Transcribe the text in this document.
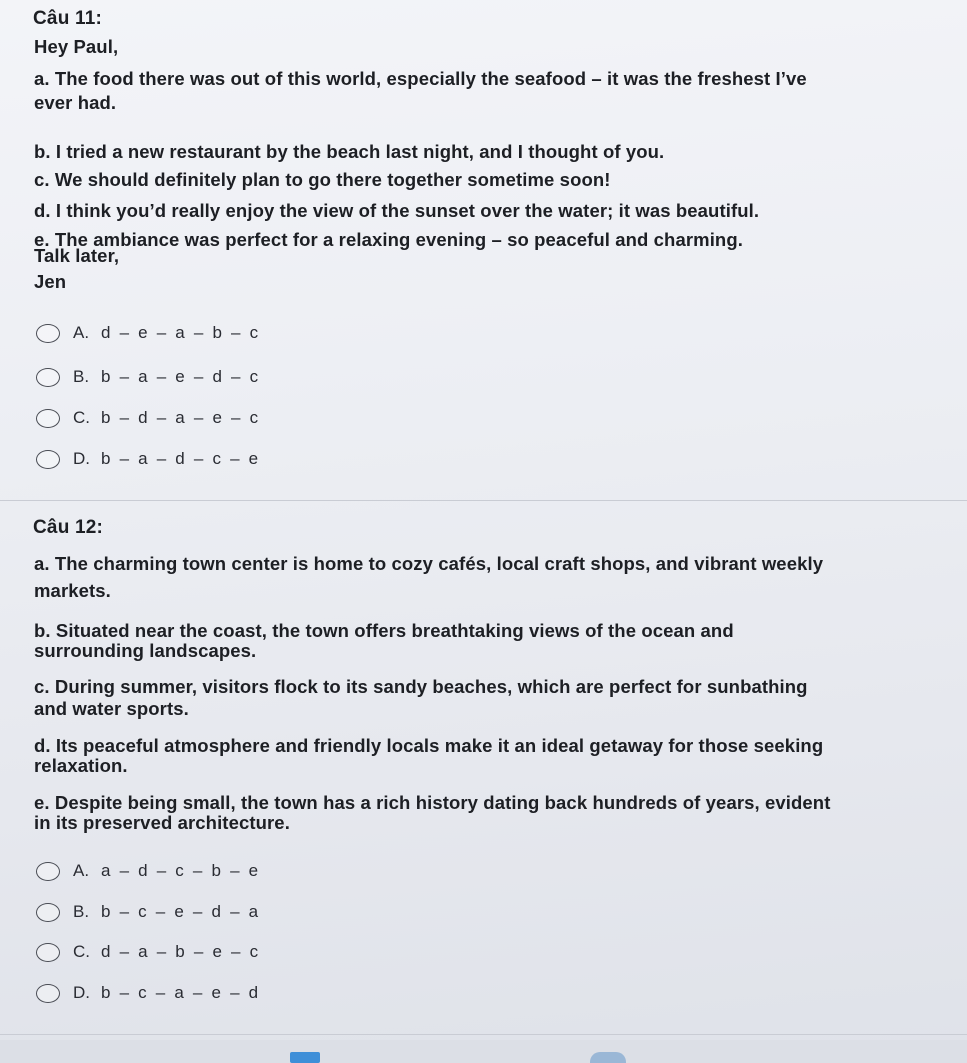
Câu 11:
Hey Paul,
a. The food there was out of this world, especially the seafood – it was the freshest I’ve
ever had.
b. I tried a new restaurant by the beach last night, and I thought of you.
c. We should definitely plan to go there together sometime soon!
d. I think you’d really enjoy the view of the sunset over the water; it was beautiful.
e. The ambiance was perfect for a relaxing evening – so peaceful and charming.
Talk later,
Jen
A. d – e – a – b – c
B. b – a – e – d – c
C. b – d – a – e – c
D. b – a – d – c – e
Câu 12:
a. The charming town center is home to cozy cafés, local craft shops, and vibrant weekly
markets.
b. Situated near the coast, the town offers breathtaking views of the ocean and
surrounding landscapes.
c. During summer, visitors flock to its sandy beaches, which are perfect for sunbathing
and water sports.
d. Its peaceful atmosphere and friendly locals make it an ideal getaway for those seeking
relaxation.
e. Despite being small, the town has a rich history dating back hundreds of years, evident
in its preserved architecture.
A. a – d – c – b – e
B. b – c – e – d – a
C. d – a – b – e – c
D. b – c – a – e – d
